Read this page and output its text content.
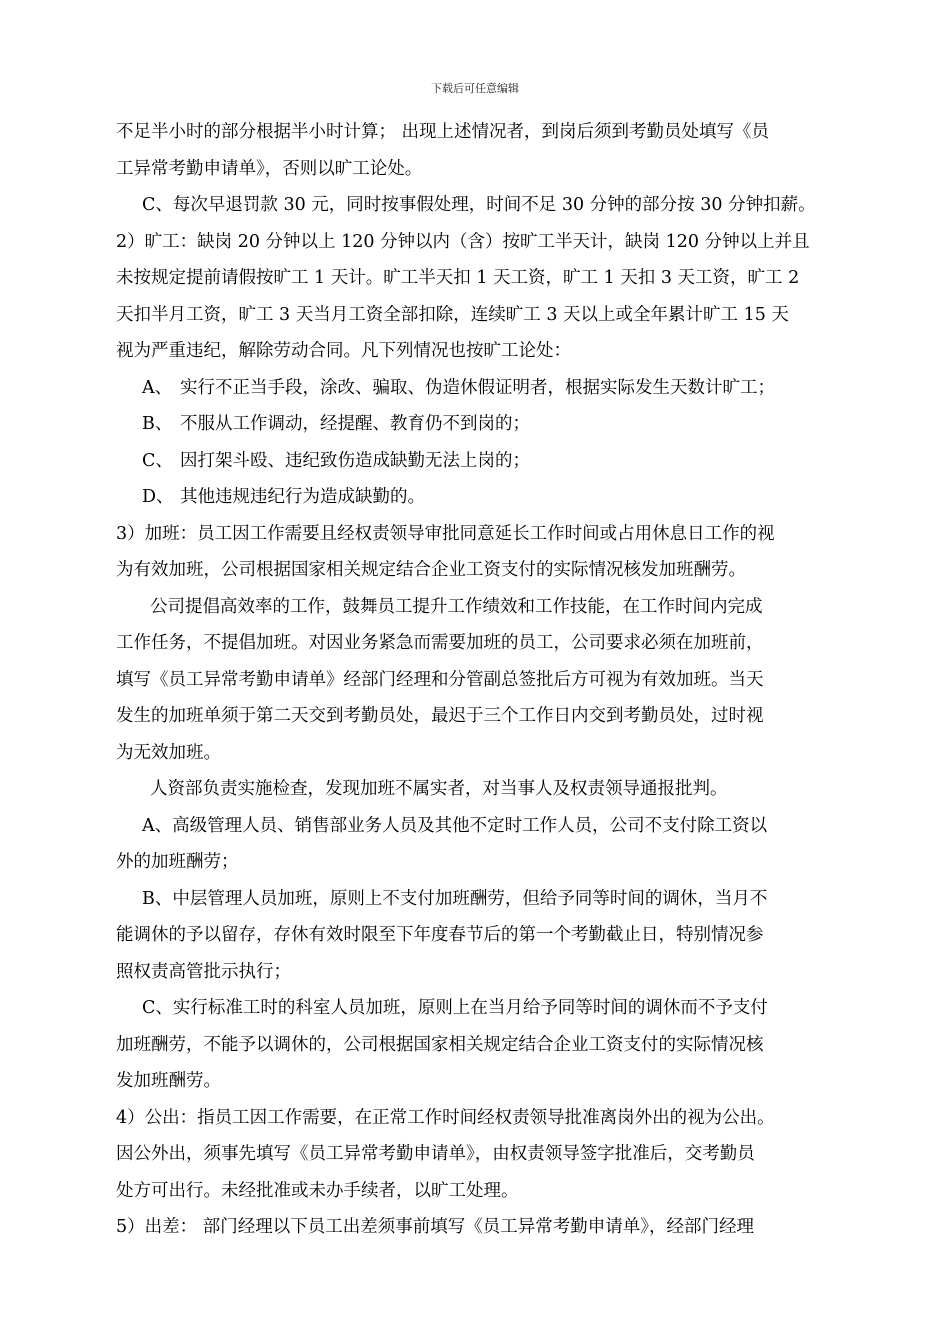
下载后可任意编辑
不足半小时的部分根据半小时计算； 出现上述情况者，到岗后须到考勤员处填写《员
工异常考勤申请单》，否则以旷工论处。
C、每次早退罚款 30 元，同时按事假处理，时间不足 30 分钟的部分按 30 分钟扣薪。
2）旷工：缺岗 20 分钟以上 120 分钟以内（含）按旷工半天计，缺岗 120 分钟以上并且
未按规定提前请假按旷工 1 天计。旷工半天扣 1 天工资，旷工 1 天扣 3 天工资，旷工 2
天扣半月工资，旷工 3 天当月工资全部扣除，连续旷工 3 天以上或全年累计旷工 15 天
视为严重违纪，解除劳动合同。凡下列情况也按旷工论处：
A、 实行不正当手段，涂改、骗取、伪造休假证明者，根据实际发生天数计旷工；
B、 不服从工作调动，经提醒、教育仍不到岗的；
C、 因打架斗殴、违纪致伤造成缺勤无法上岗的；
D、 其他违规违纪行为造成缺勤的。
3）加班：员工因工作需要且经权责领导审批同意延长工作时间或占用休息日工作的视
为有效加班，公司根据国家相关规定结合企业工资支付的实际情况核发加班酬劳。
公司提倡高效率的工作，鼓舞员工提升工作绩效和工作技能，在工作时间内完成
工作任务，不提倡加班。对因业务紧急而需要加班的员工，公司要求必须在加班前，
填写《员工异常考勤申请单》经部门经理和分管副总签批后方可视为有效加班。当天
发生的加班单须于第二天交到考勤员处，最迟于三个工作日内交到考勤员处，过时视
为无效加班。
人资部负责实施检查，发现加班不属实者，对当事人及权责领导通报批判。
A、高级管理人员、销售部业务人员及其他不定时工作人员，公司不支付除工资以
外的加班酬劳；
B、中层管理人员加班，原则上不支付加班酬劳，但给予同等时间的调休，当月不
能调休的予以留存，存休有效时限至下年度春节后的第一个考勤截止日，特别情况参
照权责高管批示执行；
C、实行标准工时的科室人员加班，原则上在当月给予同等时间的调休而不予支付
加班酬劳，不能予以调休的，公司根据国家相关规定结合企业工资支付的实际情况核
发加班酬劳。
4）公出：指员工因工作需要，在正常工作时间经权责领导批准离岗外出的视为公出。
因公外出，须事先填写《员工异常考勤申请单》，由权责领导签字批准后，交考勤员
处方可出行。未经批准或未办手续者，以旷工处理。
5）出差： 部门经理以下员工出差须事前填写《员工异常考勤申请单》，经部门经理
